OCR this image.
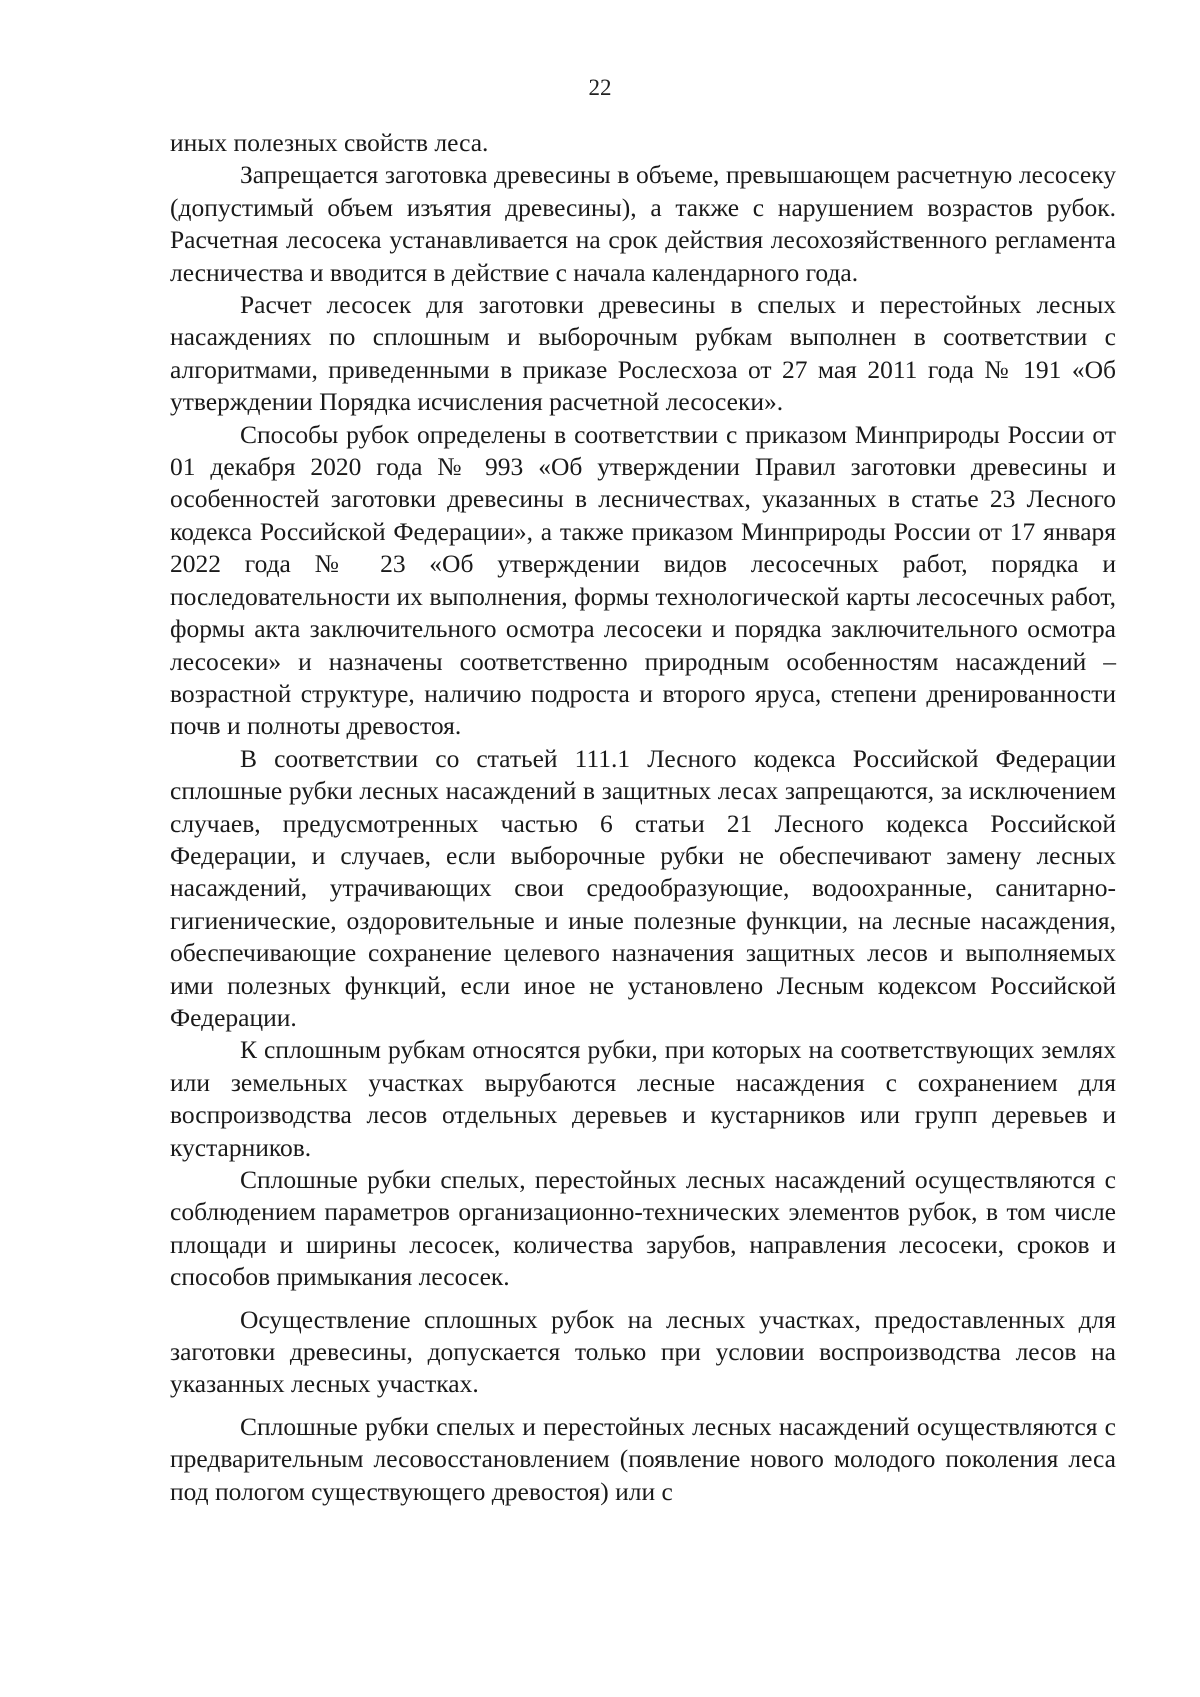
22

иных полезных свойств леса.

Запрещается заготовка древесины в объеме, превышающем расчетную лесосеку (допустимый объем изъятия древесины), а также с нарушением возрастов рубок. Расчетная лесосека устанавливается на срок действия лесохозяйственного регламента лесничества и вводится в действие с начала календарного года.

Расчет лесосек для заготовки древесины в спелых и перестойных лесных насаждениях по сплошным и выборочным рубкам выполнен в соответствии с алгоритмами, приведенными в приказе Рослесхоза от 27 мая 2011 года № 191 «Об утверждении Порядка исчисления расчетной лесосеки».

Способы рубок определены в соответствии с приказом Минприроды России от 01 декабря 2020 года № 993 «Об утверждении Правил заготовки древесины и особенностей заготовки древесины в лесничествах, указанных в статье 23 Лесного кодекса Российской Федерации», а также приказом Минприроды России от 17 января 2022 года № 23 «Об утверждении видов лесосечных работ, порядка и последовательности их выполнения, формы технологической карты лесосечных работ, формы акта заключительного осмотра лесосеки и порядка заключительного осмотра лесосеки» и назначены соответственно природным особенностям насаждений – возрастной структуре, наличию подроста и второго яруса, степени дренированности почв и полноты древостоя.

В соответствии со статьей 111.1 Лесного кодекса Российской Федерации сплошные рубки лесных насаждений в защитных лесах запрещаются, за исключением случаев, предусмотренных частью 6 статьи 21 Лесного кодекса Российской Федерации, и случаев, если выборочные рубки не обеспечивают замену лесных насаждений, утрачивающих свои средообразующие, водоохранные, санитарно-гигиенические, оздоровительные и иные полезные функции, на лесные насаждения, обеспечивающие сохранение целевого назначения защитных лесов и выполняемых ими полезных функций, если иное не установлено Лесным кодексом Российской Федерации.

К сплошным рубкам относятся рубки, при которых на соответствующих землях или земельных участках вырубаются лесные насаждения с сохранением для воспроизводства лесов отдельных деревьев и кустарников или групп деревьев и кустарников.

Сплошные рубки спелых, перестойных лесных насаждений осуществляются с соблюдением параметров организационно-технических элементов рубок, в том числе площади и ширины лесосек, количества зарубов, направления лесосеки, сроков и способов примыкания лесосек.

Осуществление сплошных рубок на лесных участках, предоставленных для заготовки древесины, допускается только при условии воспроизводства лесов на указанных лесных участках.

Сплошные рубки спелых и перестойных лесных насаждений осуществляются с предварительным лесовосстановлением (появление нового молодого поколения леса под пологом существующего древостоя) или с
